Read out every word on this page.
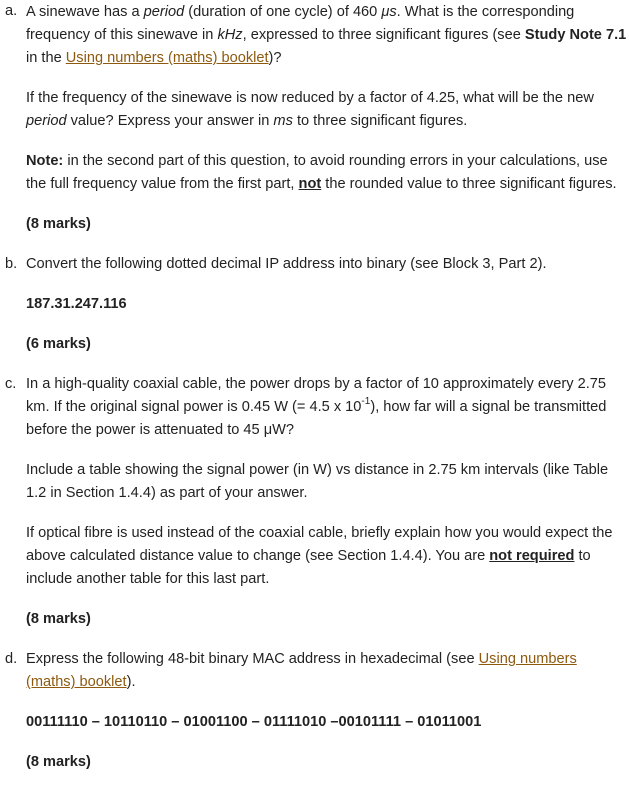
a. A sinewave has a period (duration of one cycle) of 460 μs. What is the corresponding frequency of this sinewave in kHz, expressed to three significant figures (see Study Note 7.1 in the Using numbers (maths) booklet)?

If the frequency of the sinewave is now reduced by a factor of 4.25, what will be the new period value? Express your answer in ms to three significant figures.

Note: in the second part of this question, to avoid rounding errors in your calculations, use the full frequency value from the first part, not the rounded value to three significant figures.

(8 marks)

b. Convert the following dotted decimal IP address into binary (see Block 3, Part 2).

187.31.247.116

(6 marks)

c. In a high-quality coaxial cable, the power drops by a factor of 10 approximately every 2.75 km. If the original signal power is 0.45 W (= 4.5 x $10^{-1}$), how far will a signal be transmitted before the power is attenuated to 45 μW?

Include a table showing the signal power (in W) vs distance in 2.75 km intervals (like Table 1.2 in Section 1.4.4) as part of your answer.

If optical fibre is used instead of the coaxial cable, briefly explain how you would expect the above calculated distance value to change (see Section 1.4.4). You are not required to include another table for this last part.

(8 marks)

d. Express the following 48-bit binary MAC address in hexadecimal (see Using numbers (maths) booklet).

00111110 – 10110110 – 01001100 – 01111010 –00101111 – 01011001

(8 marks)
